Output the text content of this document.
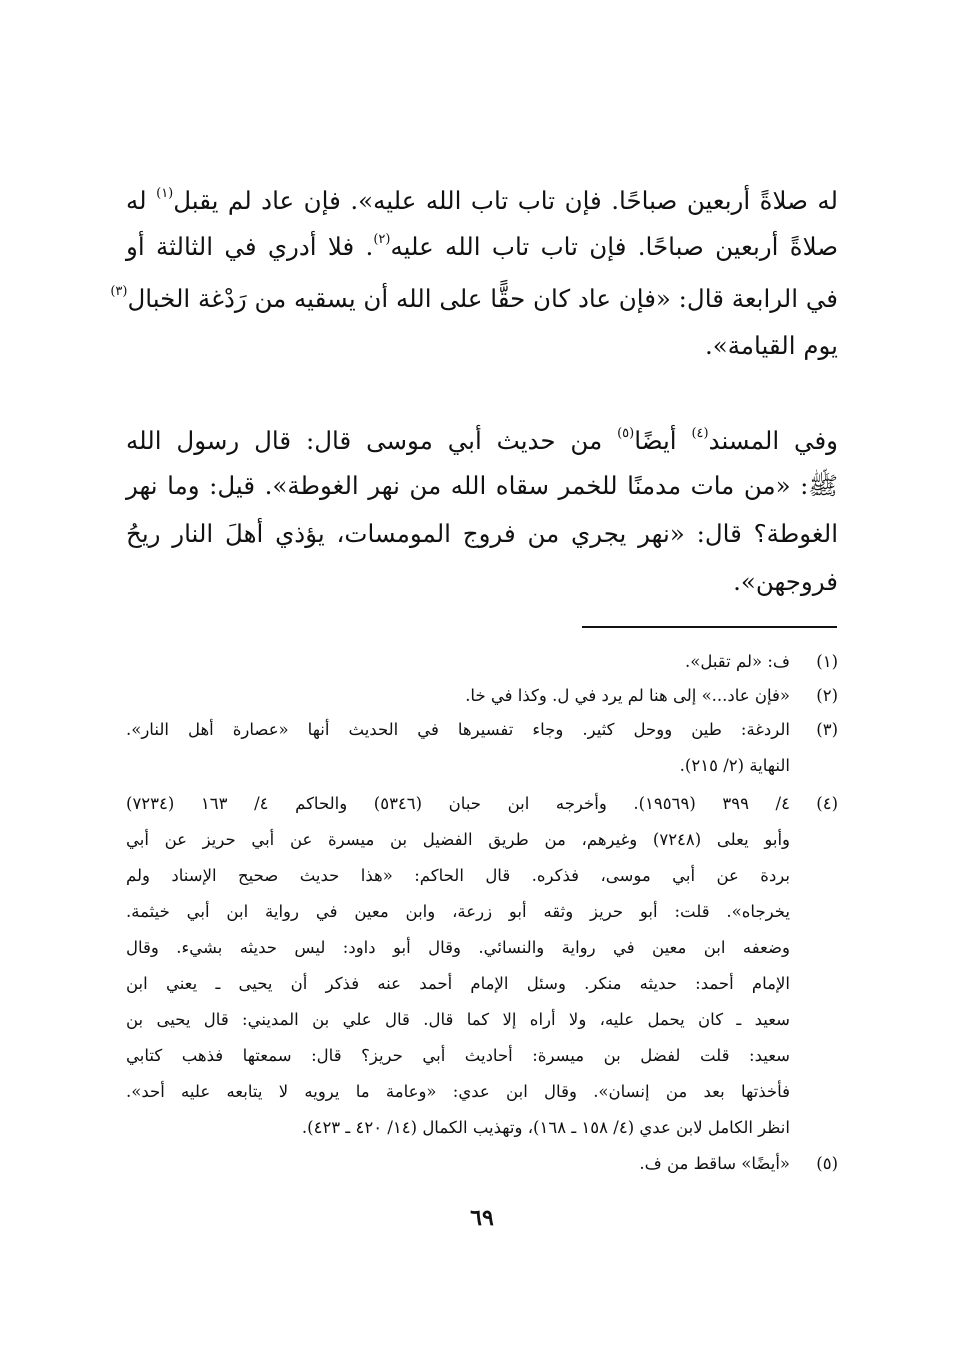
له صلاةً أربعين صباحًا. فإن تاب تاب الله عليه». فإن عاد لم يقبل$^{(١)}$ له
صلاةً أربعين صباحًا. فإن تاب تاب الله عليه$^{(٢)}$. فلا أدري في الثالثة أو
في الرابعة قال: «فإن عاد كان حقًّا على الله أن يسقيه من رَدْغة الخبال$^{(٣)}$
يوم القيامة».
وفي المسند$^{(٤)}$ أيضًا$^{(٥)}$ من حديث أبي موسى قال: قال رسول الله
ﷺ: «من مات مدمنًا للخمر سقاه الله من نهر الغوطة». قيل: وما نهر
الغوطة؟ قال: «نهر يجري من فروج المومسات، يؤذي أهلَ النار ريحُ
فروجهن».
(١)
ف: «لم تقبل».
(٢)
«فإن عاد...» إلى هنا لم يرد في ل. وكذا في خا.
(٣)
الردغة: طين ووحل كثير. وجاء تفسيرها في الحديث أنها «عصارة أهل النار».
النهاية (٢/ ٢١٥).
(٤)
٤/ ٣٩٩ (١٩٥٦٩). وأخرجه ابن حبان (٥٣٤٦) والحاكم ٤/ ١٦٣ (٧٢٣٤)
وأبو يعلى (٧٢٤٨) وغيرهم، من طريق الفضيل بن ميسرة عن أبي حريز عن أبي
بردة عن أبي موسى، فذكره. قال الحاكم: «هذا حديث صحيح الإسناد ولم
يخرجاه». قلت: أبو حريز وثقه أبو زرعة، وابن معين في رواية ابن أبي خيثمة.
وضعفه ابن معين في رواية والنسائي. وقال أبو داود: ليس حديثه بشيء. وقال
الإمام أحمد: حديثه منكر. وسئل الإمام أحمد عنه فذكر أن يحيى ـ يعني ابن
سعيد ـ كان يحمل عليه، ولا أراه إلا كما قال. قال علي بن المديني: قال يحيى بن
سعيد: قلت لفضل بن ميسرة: أحاديث أبي حريز؟ قال: سمعتها فذهب كتابي
فأخذتها بعد من إنسان». وقال ابن عدي: «وعامة ما يرويه لا يتابعه عليه أحد».
انظر الكامل لابن عدي (٤/ ١٥٨ ـ ١٦٨)، وتهذيب الكمال (١٤/ ٤٢٠ ـ ٤٢٣).
(٥)
«أيضًا» ساقط من ف.
٦٩
